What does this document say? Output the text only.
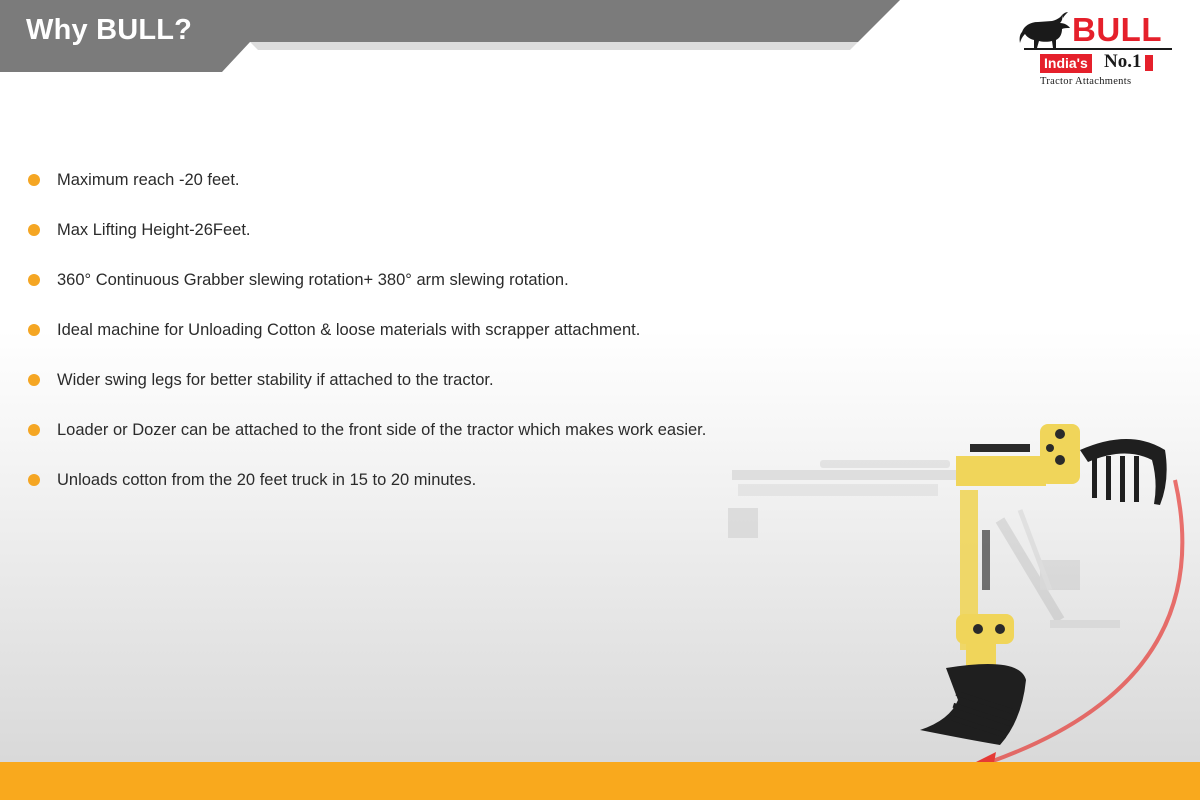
Why BULL?	BULL
India's No.1
Tractor Attachments
Maximum reach -20 feet.
Max Lifting Height-26Feet.
360° Continuous Grabber slewing rotation+ 380° arm slewing rotation.
Ideal machine for Unloading Cotton & loose materials with scrapper attachment.
Wider swing legs for better stability if attached to the tractor.
Loader or Dozer can be attached to the front side of the tractor which makes work easier.
Unloads cotton from the 20 feet truck in 15 to 20 minutes.
